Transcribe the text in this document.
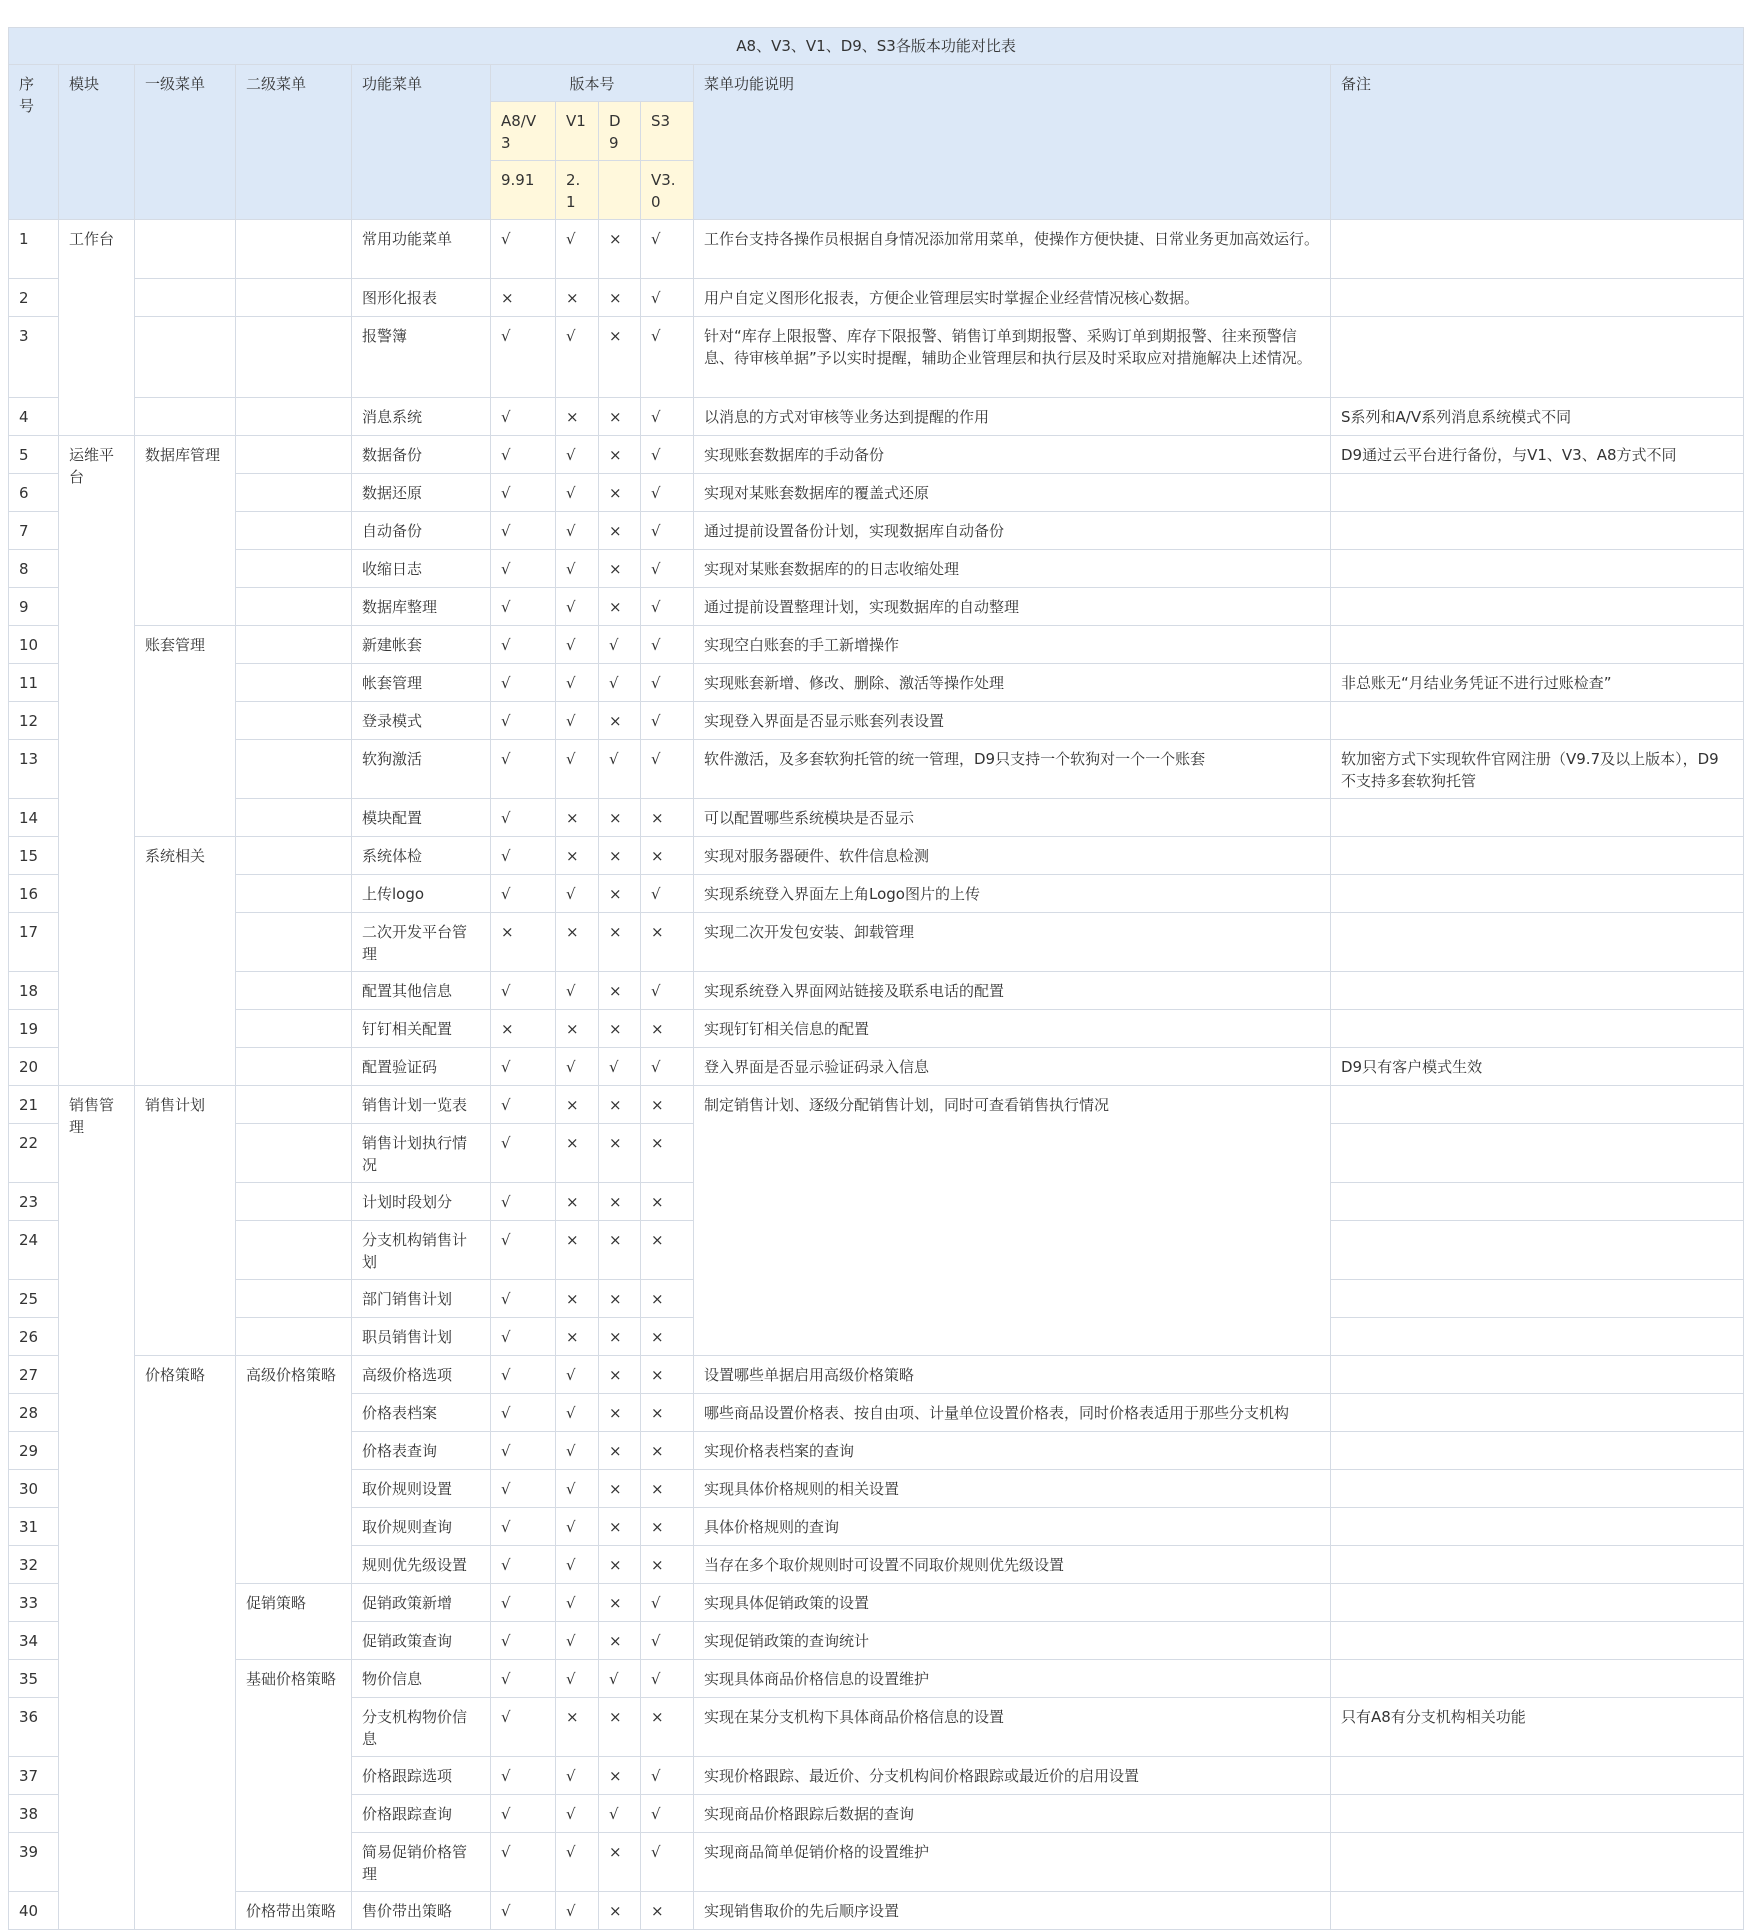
A8、V3、V1、D9、S3各版本功能对比表										
序号	模块	一级菜单	二级菜单	功能菜单	版本号				菜单功能说明	备注
					A8/V3	V1	D9	S3		
					9.91	2.1		V3.0		
1	工作台			常用功能菜单	√	√	×	√	工作台支持各操作员根据自身情况添加常用菜单，使操作方便快捷、日常业务更加高效运行。	
2				图形化报表	×	×	×	√	用户自定义图形化报表，方便企业管理层实时掌握企业经营情况核心数据。	
3				报警簿	√	√	×	√	针对“库存上限报警、库存下限报警、销售订单到期报警、采购订单到期报警、往来预警信息、待审核单据”予以实时提醒，辅助企业管理层和执行层及时采取应对措施解决上述情况。	
4				消息系统	√	×	×	√	以消息的方式对审核等业务达到提醒的作用	S系列和A/V系列消息系统模式不同
5	运维平台	数据库管理		数据备份	√	√	×	√	实现账套数据库的手动备份	D9通过云平台进行备份，与V1、V3、A8方式不同
6				数据还原	√	√	×	√	实现对某账套数据库的覆盖式还原	
7				自动备份	√	√	×	√	通过提前设置备份计划，实现数据库自动备份	
8				收缩日志	√	√	×	√	实现对某账套数据库的的日志收缩处理	
9				数据库整理	√	√	×	√	通过提前设置整理计划，实现数据库的自动整理	
10		账套管理		新建帐套	√	√	√	√	实现空白账套的手工新增操作	
11				帐套管理	√	√	√	√	实现账套新增、修改、删除、激活等操作处理	非总账无“月结业务凭证不进行过账检查”
12				登录模式	√	√	×	√	实现登入界面是否显示账套列表设置	
13				软狗激活	√	√	√	√	软件激活，及多套软狗托管的统一管理，D9只支持一个软狗对一个一个账套	软加密方式下实现软件官网注册（V9.7及以上版本），D9不支持多套软狗托管
14				模块配置	√	×	×	×	可以配置哪些系统模块是否显示	
15		系统相关		系统体检	√	×	×	×	实现对服务器硬件、软件信息检测	
16				上传logo	√	√	×	√	实现系统登入界面左上角Logo图片的上传	
17				二次开发平台管理	×	×	×	×	实现二次开发包安装、卸载管理	
18				配置其他信息	√	√	×	√	实现系统登入界面网站链接及联系电话的配置	
19				钉钉相关配置	×	×	×	×	实现钉钉相关信息的配置	
20				配置验证码	√	√	√	√	登入界面是否显示验证码录入信息	D9只有客户模式生效
21	销售管理	销售计划		销售计划一览表	√	×	×	×	制定销售计划、逐级分配销售计划，同时可查看销售执行情况	
22				销售计划执行情况	√	×	×	×		
23				计划时段划分	√	×	×	×		
24				分支机构销售计划	√	×	×	×		
25				部门销售计划	√	×	×	×		
26				职员销售计划	√	×	×	×		
27		价格策略	高级价格策略	高级价格选项	√	√	×	×	设置哪些单据启用高级价格策略	
28				价格表档案	√	√	×	×	哪些商品设置价格表、按自由项、计量单位设置价格表，同时价格表适用于那些分支机构	
29				价格表查询	√	√	×	×	实现价格表档案的查询	
30				取价规则设置	√	√	×	×	实现具体价格规则的相关设置	
31				取价规则查询	√	√	×	×	具体价格规则的查询	
32				规则优先级设置	√	√	×	×	当存在多个取价规则时可设置不同取价规则优先级设置	
33			促销策略	促销政策新增	√	√	×	√	实现具体促销政策的设置	
34				促销政策查询	√	√	×	√	实现促销政策的查询统计	
35			基础价格策略	物价信息	√	√	√	√	实现具体商品价格信息的设置维护	
36				分支机构物价信息	√	×	×	×	实现在某分支机构下具体商品价格信息的设置	只有A8有分支机构相关功能
37				价格跟踪选项	√	√	×	√	实现价格跟踪、最近价、分支机构间价格跟踪或最近价的启用设置	
38				价格跟踪查询	√	√	√	√	实现商品价格跟踪后数据的查询	
39				简易促销价格管理	√	√	×	√	实现商品简单促销价格的设置维护	
40			价格带出策略	售价带出策略	√	√	×	×	实现销售取价的先后顺序设置	
